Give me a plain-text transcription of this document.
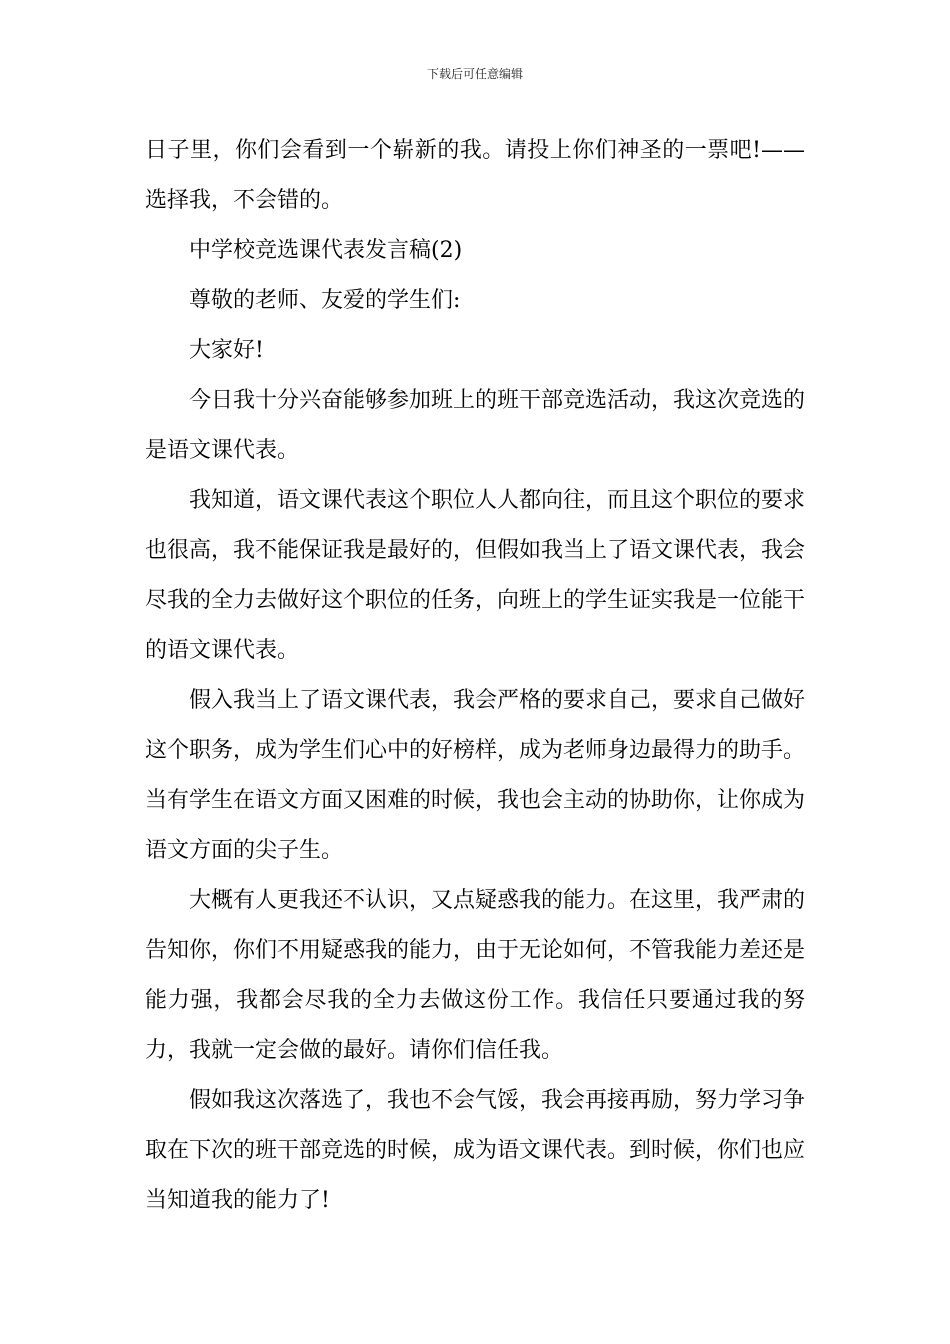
下载后可任意编辑

日子里，你们会看到一个崭新的我。请投上你们神圣的一票吧!——选择我，不会错的。

中学校竞选课代表发言稿(2)

尊敬的老师、友爱的学生们:

大家好!

今日我十分兴奋能够参加班上的班干部竞选活动，我这次竞选的是语文课代表。

我知道，语文课代表这个职位人人都向往，而且这个职位的要求也很高，我不能保证我是最好的，但假如我当上了语文课代表，我会尽我的全力去做好这个职位的任务，向班上的学生证实我是一位能干的语文课代表。

假入我当上了语文课代表，我会严格的要求自己，要求自己做好这个职务，成为学生们心中的好榜样，成为老师身边最得力的助手。当有学生在语文方面又困难的时候，我也会主动的协助你，让你成为语文方面的尖子生。

大概有人更我还不认识，又点疑惑我的能力。在这里，我严肃的告知你，你们不用疑惑我的能力，由于无论如何，不管我能力差还是能力强，我都会尽我的全力去做这份工作。我信任只要通过我的努力，我就一定会做的最好。请你们信任我。

假如我这次落选了，我也不会气馁，我会再接再励，努力学习争取在下次的班干部竞选的时候，成为语文课代表。到时候，你们也应当知道我的能力了!
